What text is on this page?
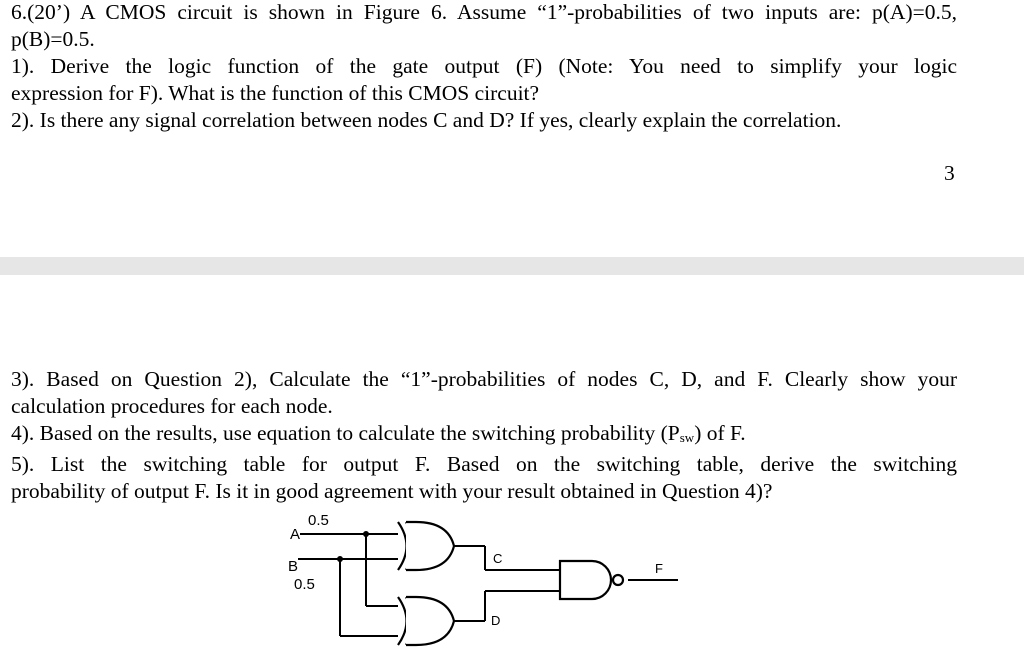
6.(20’) A CMOS circuit is shown in Figure 6. Assume “1”-probabilities of two inputs are: p(A)=0.5,
p(B)=0.5.
1). Derive the logic function of the gate output (F) (Note: You need to simplify your logic
expression for F). What is the function of this CMOS circuit?
2). Is there any signal correlation between nodes C and D? If yes, clearly explain the correlation.
3
3). Based on Question 2), Calculate the “1”-probabilities of nodes C, D, and F. Clearly show your
calculation procedures for each node.
4). Based on the results, use equation to calculate the switching probability $(P_{sw})$ of F.
5). List the switching table for output F. Based on the switching table, derive the switching
probability of output F. Is it in good agreement with your result obtained in Question 4)?
A
0.5
B
0.5
C
D
F
